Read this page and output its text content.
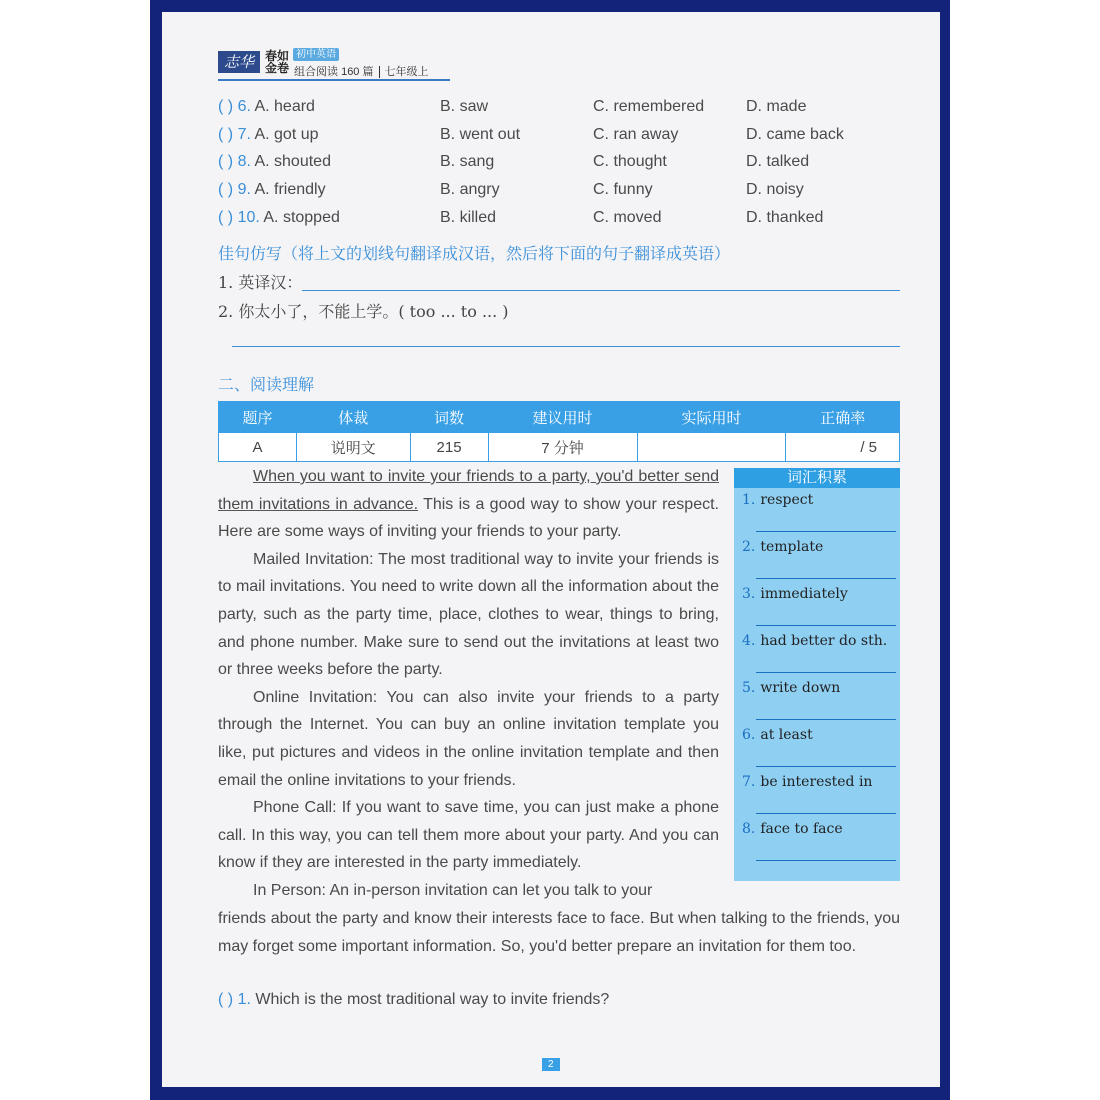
志华 春如
金卷
初中英语
组合阅读 160 篇 七年级上
( ) 6. A. heard	B. saw	C. remembered	D. made
( ) 7. A. got up	B. went out	C. ran away	D. came back
( ) 8. A. shouted	B. sang	C. thought	D. talked
( ) 9. A. friendly	B. angry	C. funny	D. noisy
( ) 10. A. stopped	B. killed	C. moved	D. thanked
佳句仿写（将上文的划线句翻译成汉语，然后将下面的句子翻译成英语）
1. 英译汉：
2. 你太小了，不能上学。( too ... to ... )
二、阅读理解
题序	体裁	词数	建议用时	实际用时	正确率
A	说明文	215	7 分钟		/ 5

When you want to invite your friends to a party, you'd better send them invitations in advance. This is a good way to show your respect. Here are some ways of inviting your friends to your party.

Mailed Invitation: The most traditional way to invite your friends is to mail invitations. You need to write down all the information about the party, such as the party time, place, clothes to wear, things to bring, and phone number. Make sure to send out the invitations at least two or three weeks before the party.

Online Invitation: You can also invite your friends to a party through the Internet. You can buy an online invitation template you like, put pictures and videos in the online invitation template and then email the online invitations to your friends.

Phone Call: If you want to save time, you can just make a phone call. In this way, you can tell them more about your party. And you can know if they are interested in the party immediately.

In Person: An in-person invitation can let you talk to your

friends about the party and know their interests face to face. But when talking to the friends, you may forget some important information. So, you'd better prepare an invitation for them too.
词汇积累
1. respect
2. template
3. immediately
4. had better do sth.
5. write down
6. at least
7. be interested in
8. face to face
( ) 1. Which is the most traditional way to invite friends?
2
